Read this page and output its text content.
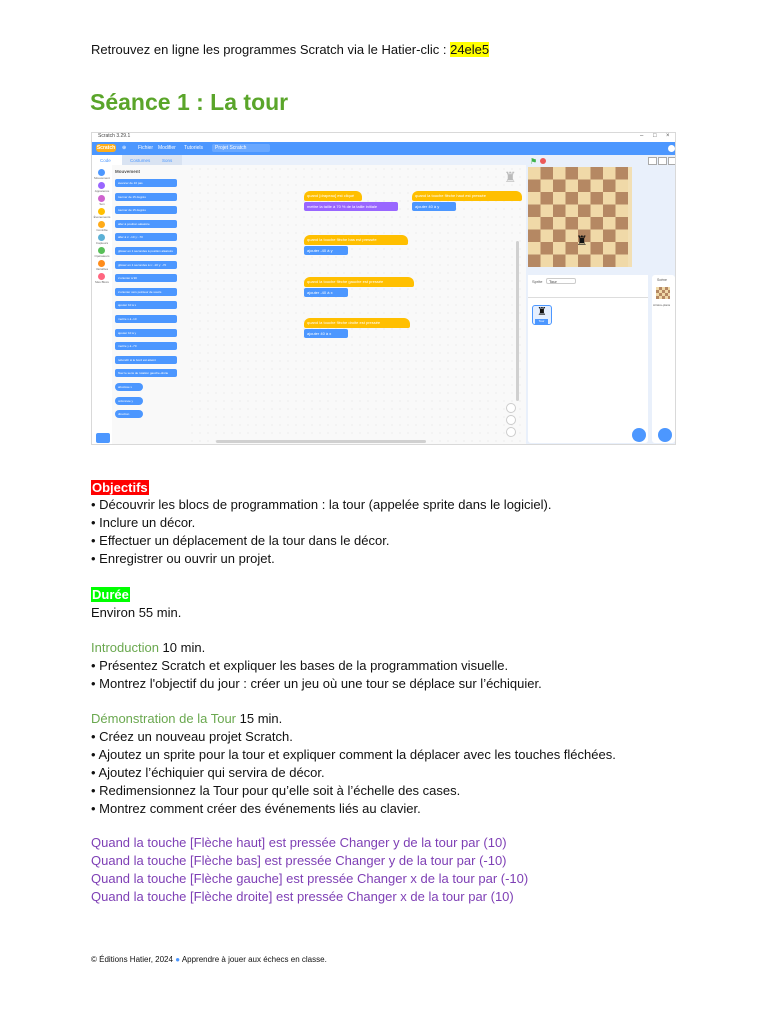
Retrouvez en ligne les programmes Scratch via le Hatier-clic : 24ele5
Séance 1 : La tour
Scratch 3.29.1	– □ ×
Scratch ⊕ Fichier Modifier Tutoriels	Projet Scratch
Code	Costumes	Sons
Mouvement
Apparence
Son
Événements
Contrôle
Capteurs
Opérateurs
Variables
Mes Blocs
Mouvement
avancer de 10 pas
tourner de 15 degrés
tourner de 15 degrés
aller à position aléatoire
aller à x: -10 y: -70
glisser en 1 secondes à position aléatoire
glisser en 1 secondes à x: -10 y: -70
s'orienter à 90
s'orienter vers pointeur de souris
ajouter 10 à x
mettre x à -10
ajouter 10 à y
mettre y à -70
rebondir si le bord est atteint
fixer le sens de rotation gauche-droite
abscisse x
ordonnée y
direction
♜
quand [drapeau] est cliqué
mettre la taille à 70 % de la taille initiale
quand la touche flèche haut est pressée
ajouter 40 à y
quand la touche flèche bas est pressée
ajouter -40 à y
quand la touche flèche gauche est pressée
ajouter -40 à x
quand la touche flèche droite est pressée
ajouter 40 à x
⚑
♜
Sprite	Tour
♜
Tour
Scène
Arrière-plans
Objectifs
• Découvrir les blocs de programmation : la tour (appelée sprite dans le logiciel).
• Inclure un décor.
• Effectuer un déplacement de la tour dans le décor.
• Enregistrer ou ouvrir un projet.
Durée
Environ 55 min.
Introduction 10 min.
• Présentez Scratch et expliquer les bases de la programmation visuelle.
• Montrez l'objectif du jour : créer un jeu où une tour se déplace sur l’échiquier.
Démonstration de la Tour 15 min.
• Créez un nouveau projet Scratch.
• Ajoutez un sprite pour la tour et expliquer comment la déplacer avec les touches fléchées.
• Ajoutez l’échiquier qui servira de décor.
• Redimensionnez la Tour pour qu’elle soit à l’échelle des cases.
• Montrez comment créer des événements liés au clavier.
Quand la touche [Flèche haut] est pressée Changer y de la tour par (10)
Quand la touche [Flèche bas] est pressée Changer y de la tour par (-10)
Quand la touche [Flèche gauche] est pressée Changer x de la tour par (-10)
Quand la touche [Flèche droite] est pressée Changer x de la tour par (10)
© Éditions Hatier, 2024 ● Apprendre à jouer aux échecs en classe.
